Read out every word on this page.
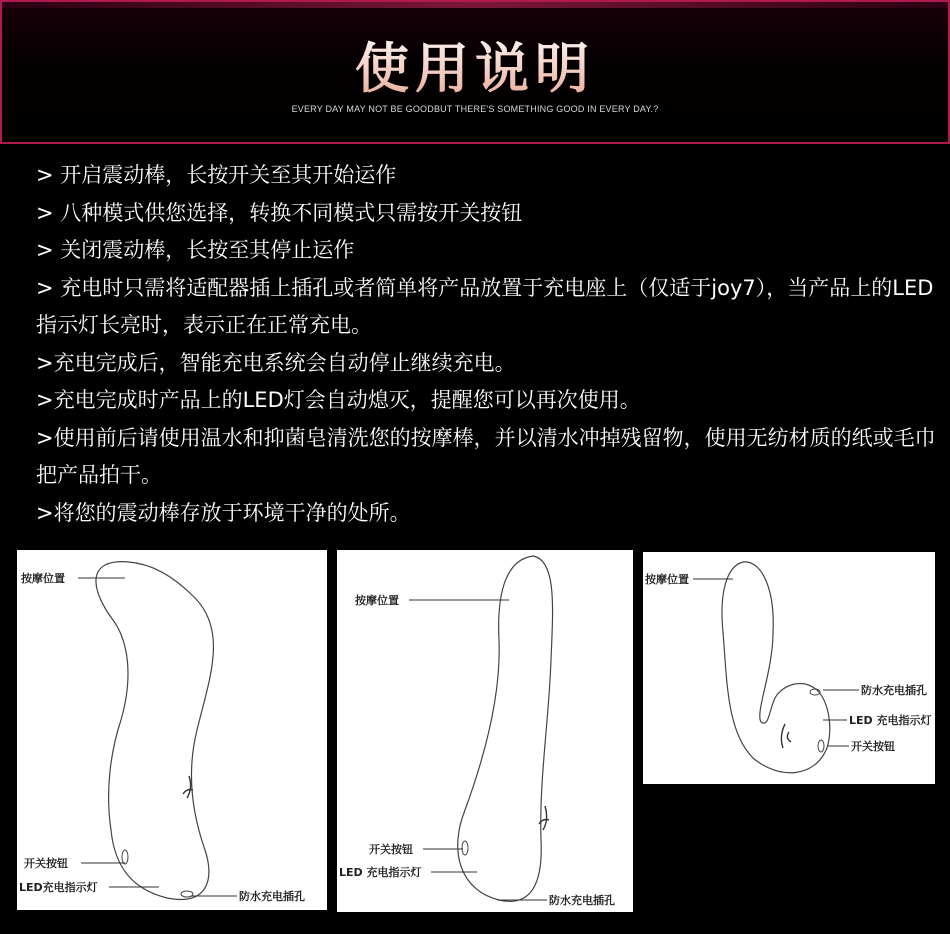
使用说明
EVERY DAY MAY NOT BE GOODBUT THERE'S SOMETHING GOOD IN EVERY DAY.?

> 开启震动棒，长按开关至其开始运作

> 八种模式供您选择，转换不同模式只需按开关按钮

> 关闭震动棒，长按至其停止运作

> 充电时只需将适配器插上插孔或者简单将产品放置于充电座上（仅适于joy7），当产品上的LED指示灯长亮时，表示正在正常充电。

>充电完成后，智能充电系统会自动停止继续充电。

>充电完成时产品上的LED灯会自动熄灭，提醒您可以再次使用。

>使用前后请使用温水和抑菌皂清洗您的按摩棒，并以清水冲掉残留物，使用无纺材质的纸或毛巾把产品拍干。

>将您的震动棒存放于环境干净的处所。

按摩位置
开关按钮
LED充电指示灯
防水充电插孔
按摩位置
开关按钮
LED 充电指示灯
防水充电插孔
按摩位置
防水充电插孔
LED 充电指示灯
开关按钮
